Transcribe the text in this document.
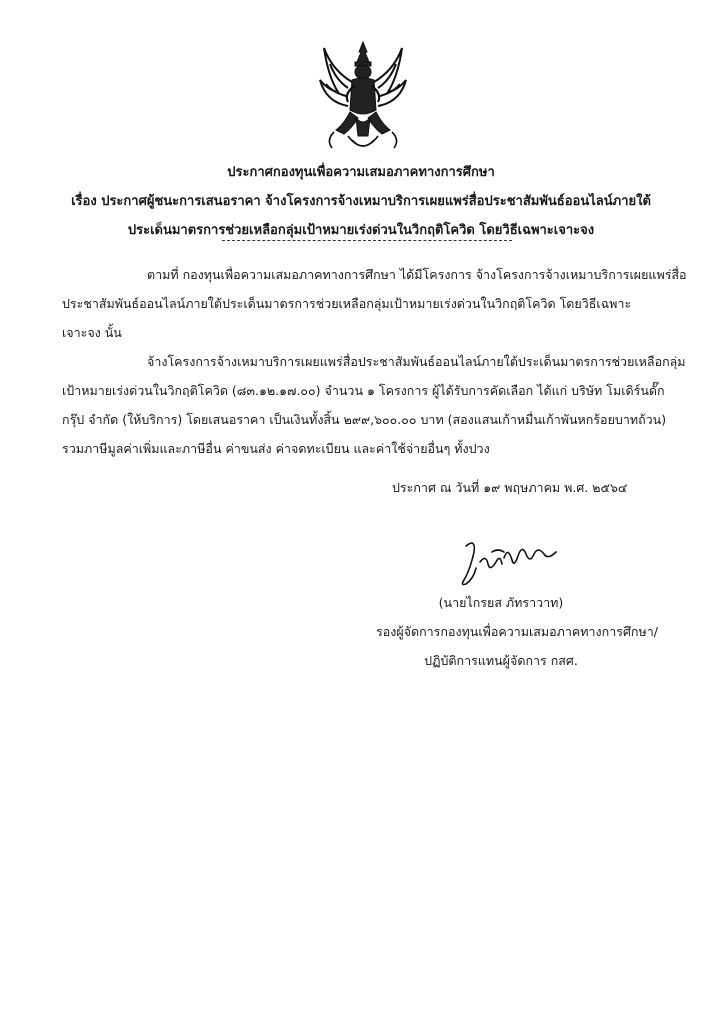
ประกาศกองทุนเพื่อความเสมอภาคทางการศึกษา
เรื่อง ประกาศผู้ชนะการเสนอราคา จ้างโครงการจ้างเหมาบริการเผยแพร่สื่อประชาสัมพันธ์ออนไลน์ภายใต้
ประเด็นมาตรการช่วยเหลือกลุ่มเป้าหมายเร่งด่วนในวิกฤติโควิด โดยวิธีเฉพาะเจาะจง
ตามที่ กองทุนเพื่อความเสมอภาคทางการศึกษา ได้มีโครงการ จ้างโครงการจ้างเหมาบริการเผยแพร่สื่อ
ประชาสัมพันธ์ออนไลน์ภายใต้ประเด็นมาตรการช่วยเหลือกลุ่มเป้าหมายเร่งด่วนในวิกฤติโควิด โดยวิธีเฉพาะ
เจาะจง นั้น
จ้างโครงการจ้างเหมาบริการเผยแพร่สื่อประชาสัมพันธ์ออนไลน์ภายใต้ประเด็นมาตรการช่วยเหลือกลุ่ม
เป้าหมายเร่งด่วนในวิกฤติโควิด (๘๓.๑๒.๑๗.๐๐) จำนวน ๑ โครงการ ผู้ได้รับการคัดเลือก ได้แก่ บริษัท โมเดิร์นดั๊ก
กรุ๊ป จำกัด (ให้บริการ) โดยเสนอราคา เป็นเงินทั้งสิ้น ๒๙๙,๖๐๐.๐๐ บาท (สองแสนเก้าหมื่นเก้าพันหกร้อยบาทถ้วน)
รวมภาษีมูลค่าเพิ่มและภาษีอื่น ค่าขนส่ง ค่าจดทะเบียน และค่าใช้จ่ายอื่นๆ ทั้งปวง
ประกาศ ณ วันที่ ๑๙ พฤษภาคม พ.ศ. ๒๕๖๔
(นายไกรยส ภัทราวาท)
รองผู้จัดการกองทุนเพื่อความเสมอภาคทางการศึกษา/
ปฏิบัติการแทนผู้จัดการ กสศ.
